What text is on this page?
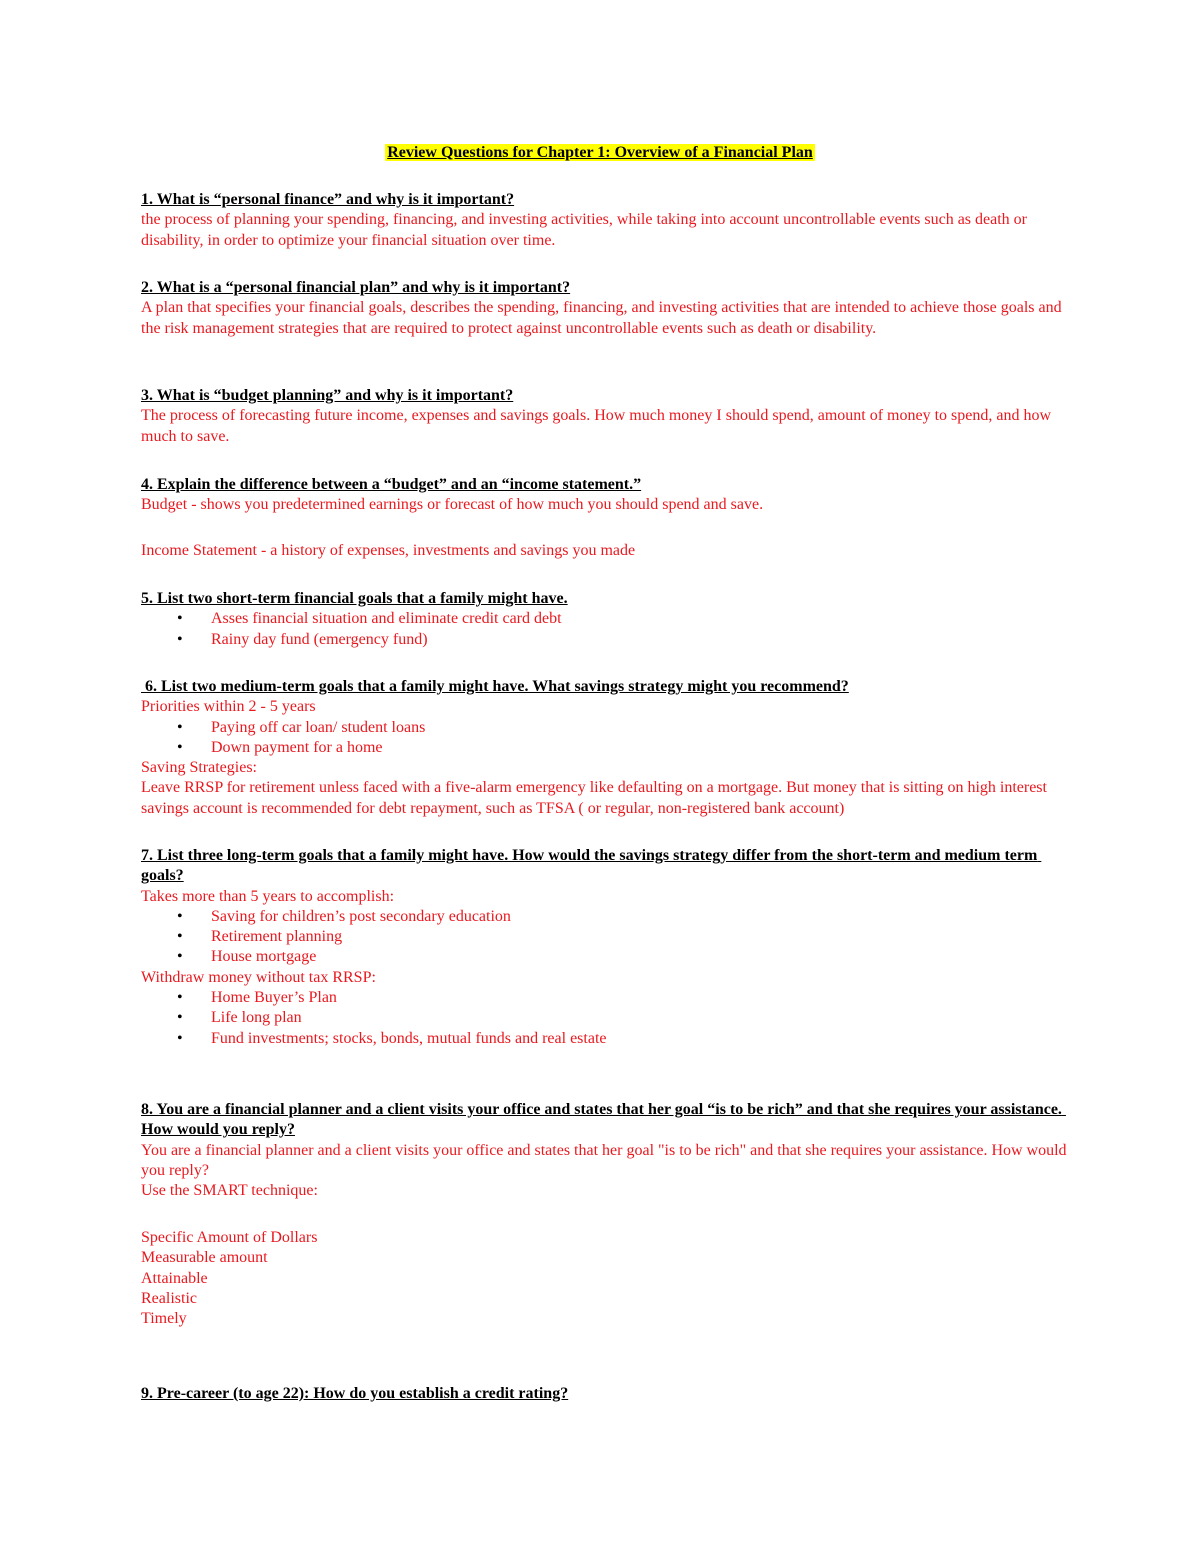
Review Questions for Chapter 1: Overview of a Financial Plan

1. What is “personal finance” and why is it important?

the process of planning your spending, financing, and investing activities, while taking into account uncontrollable events such as death or disability, in order to optimize your financial situation over time.

2. What is a “personal financial plan” and why is it important?

A plan that specifies your financial goals, describes the spending, financing, and investing activities that are intended to achieve those goals and the risk management strategies that are required to protect against uncontrollable events such as death or disability.

3. What is “budget planning” and why is it important?

The process of forecasting future income, expenses and savings goals. How much money I should spend, amount of money to spend, and how much to save.

4. Explain the difference between a “budget” and an “income statement.”

Budget - shows you predetermined earnings or forecast of how much you should spend and save.

Income Statement - a history of expenses, investments and savings you made

5. List two short-term financial goals that a family might have.

• Asses financial situation and eliminate credit card debt
• Rainy day fund (emergency fund)

6. List two medium-term goals that a family might have. What savings strategy might you recommend?

Priorities within 2 - 5 years

• Paying off car loan/ student loans
• Down payment for a home

Saving Strategies:

Leave RRSP for retirement unless faced with a five-alarm emergency like defaulting on a mortgage. But money that is sitting on high interest savings account is recommended for debt repayment, such as TFSA ( or regular, non-registered bank account)

7. List three long-term goals that a family might have. How would the savings strategy differ from the short-term and medium term goals?

Takes more than 5 years to accomplish:

• Saving for children’s post secondary education
• Retirement planning
• House mortgage

Withdraw money without tax RRSP:

• Home Buyer’s Plan
• Life long plan
• Fund investments; stocks, bonds, mutual funds and real estate

8. You are a financial planner and a client visits your office and states that her goal “is to be rich” and that she requires your assistance. How would you reply?

You are a financial planner and a client visits your office and states that her goal "is to be rich" and that she requires your assistance. How would you reply?

Use the SMART technique:

Specific Amount of Dollars

Measurable amount

Attainable

Realistic

Timely

9. Pre-career (to age 22): How do you establish a credit rating?
